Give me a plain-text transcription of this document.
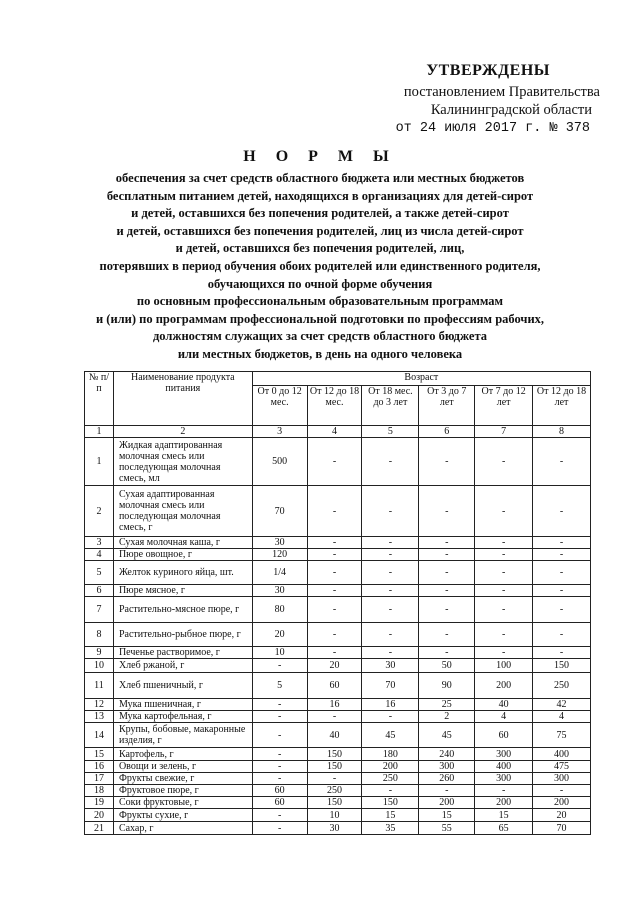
УТВЕРЖДЕНЫ
постановлением Правительства
Калининградской области
от 24 июля 2017 г. № 378
Н О Р М Ы
обеспечения за счет средств областного бюджета или местных бюджетов
бесплатным питанием детей, находящихся в организациях для детей-сирот
и детей, оставшихся без попечения родителей, а также детей-сирот
и детей, оставшихся без попечения родителей, лиц из числа детей-сирот
и детей, оставшихся без попечения родителей, лиц,
потерявших в период обучения обоих родителей или единственного родителя,
обучающихся по очной форме обучения
по основным профессиональным образовательным программам
и (или) по программам профессиональной подготовки по профессиям рабочих,
должностям служащих за счет средств областного бюджета
или местных бюджетов, в день на одного человека
№ п/п	Наименование продукта питания	Возраст					
		От 0 до 12 мес.	От 12 до 18 мес.	От 18 мес. до 3 лет	От 3 до 7 лет	От 7 до 12 лет	От 12 до 18 лет
1	2	3	4	5	6	7	8
1	Жидкая адаптированная молочная смесь или последующая молочная смесь, мл	500	-	-	-	-	-
2	Сухая адаптированная молочная смесь или последующая молочная смесь, г	70	-	-	-	-	-
3	Сухая молочная каша, г	30	-	-	-	-	-
4	Пюре овощное, г	120	-	-	-	-	-
5	Желток куриного яйца, шт.	1/4	-	-	-	-	-
6	Пюре мясное, г	30	-	-	-	-	-
7	Растительно-мясное пюре, г	80	-	-	-	-	-
8	Растительно-рыбное пюре, г	20	-	-	-	-	-
9	Печенье растворимое, г	10	-	-	-	-	-
10	Хлеб ржаной, г	-	20	30	50	100	150
11	Хлеб пшеничный, г	5	60	70	90	200	250
12	Мука пшеничная, г	-	16	16	25	40	42
13	Мука картофельная, г	-	-	-	2	4	4
14	Крупы, бобовые, макаронные изделия, г	-	40	45	45	60	75
15	Картофель, г	-	150	180	240	300	400
16	Овощи и зелень, г	-	150	200	300	400	475
17	Фрукты свежие, г	-	-	250	260	300	300
18	Фруктовое пюре, г	60	250	-	-	-	-
19	Соки фруктовые, г	60	150	150	200	200	200
20	Фрукты сухие, г	-	10	15	15	15	20
21	Сахар, г	-	30	35	55	65	70
